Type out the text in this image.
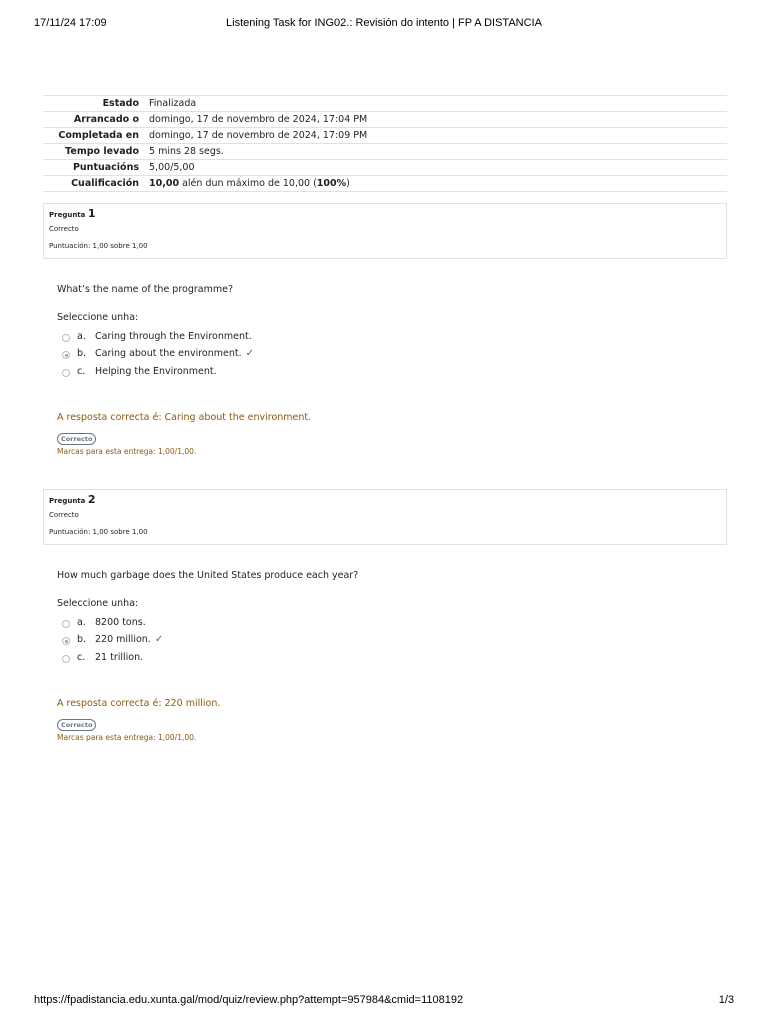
17/11/24 17:09	Listening Task for ING02.: Revisión do intento | FP A DISTANCIA
Estado	Finalizada
Arrancado o	domingo, 17 de novembro de 2024, 17:04 PM
Completada en	domingo, 17 de novembro de 2024, 17:09 PM
Tempo levado	5 mins 28 segs.
Puntuacións	5,00/5,00
Cualificación	10,00 alén dun máximo de 10,00 (100%)
Pregunta 1
Correcto
Puntuación: 1,00 sobre 1,00
What’s the name of the programme?
Seleccione unha:
a. Caring through the Environment.
b. Caring about the environment. ✓
c. Helping the Environment.
A resposta correcta é: Caring about the environment.
Correcto
Marcas para esta entrega: 1,00/1,00.
Pregunta 2
Correcto
Puntuación: 1,00 sobre 1,00
How much garbage does the United States produce each year?
Seleccione unha:
a. 8200 tons.
b. 220 million. ✓
c. 21 trillion.
A resposta correcta é: 220 million.
Correcto
Marcas para esta entrega: 1,00/1,00.
https://fpadistancia.edu.xunta.gal/mod/quiz/review.php?attempt=957984&cmid=1108192	1/3
